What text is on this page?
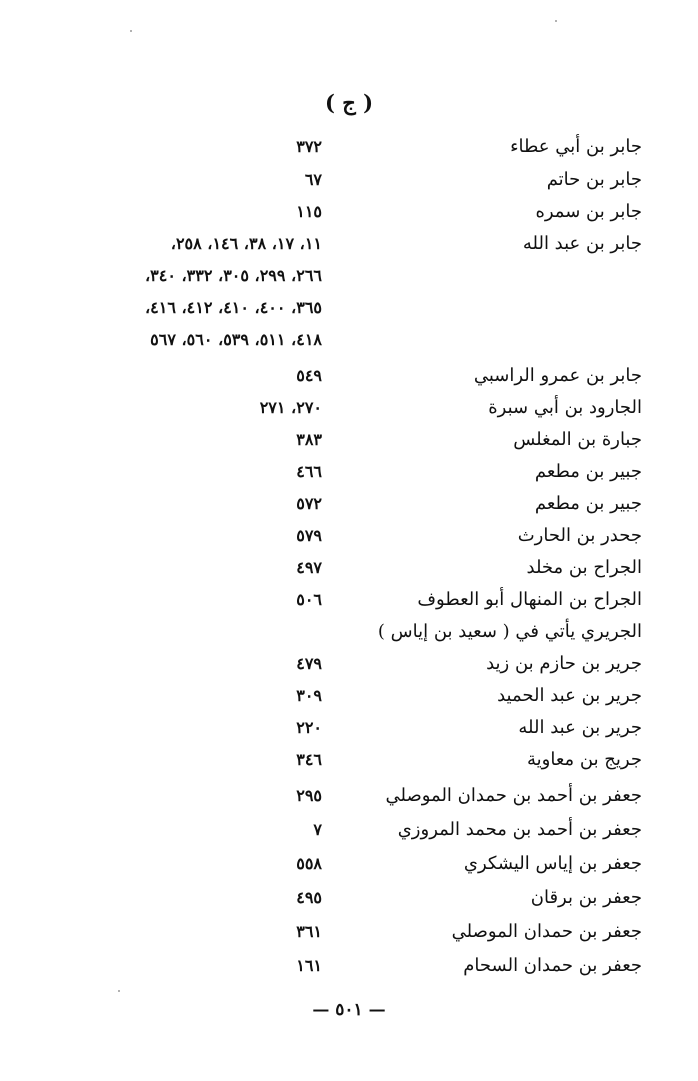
( ج )
جابر بن أبي عطاء
٣٧٢
جابر بن حاتم
٦٧
جابر بن سمره
١١٥
جابر بن عبد الله
١١، ١٧، ٣٨، ١٤٦، ٢٥٨،
٢٦٦، ٢٩٩، ٣٠٥، ٣٣٢، ٣٤٠،
٣٦٥، ٤٠٠، ٤١٠، ٤١٢، ٤١٦،
٤١٨، ٥١١، ٥٣٩، ٥٦٠، ٥٦٧
جابر بن عمرو الراسبي
٥٤٩
الجارود بن أبي سبرة
٢٧٠، ٢٧١
جبارة بن المغلس
٣٨٣
جبير بن مطعم
٤٦٦
جبير بن مطعم
٥٧٢
جحدر بن الحارث
٥٧٩
الجراح بن مخلد
٤٩٧
الجراح بن المنهال أبو العطوف
٥٠٦
الجريري يأتي في ( سعيد بن إياس )
جرير بن حازم بن زيد
٤٧٩
جرير بن عبد الحميد
٣٠٩
جرير بن عبد الله
٢٢٠
جريج بن معاوية
٣٤٦
جعفر بن أحمد بن حمدان الموصلي
٢٩٥
جعفر بن أحمد بن محمد المروزي
٧
جعفر بن إياس اليشكري
٥٥٨
جعفر بن برقان
٤٩٥
جعفر بن حمدان الموصلي
٣٦١
جعفر بن حمدان السحام
١٦١
— ٥٠١ —
